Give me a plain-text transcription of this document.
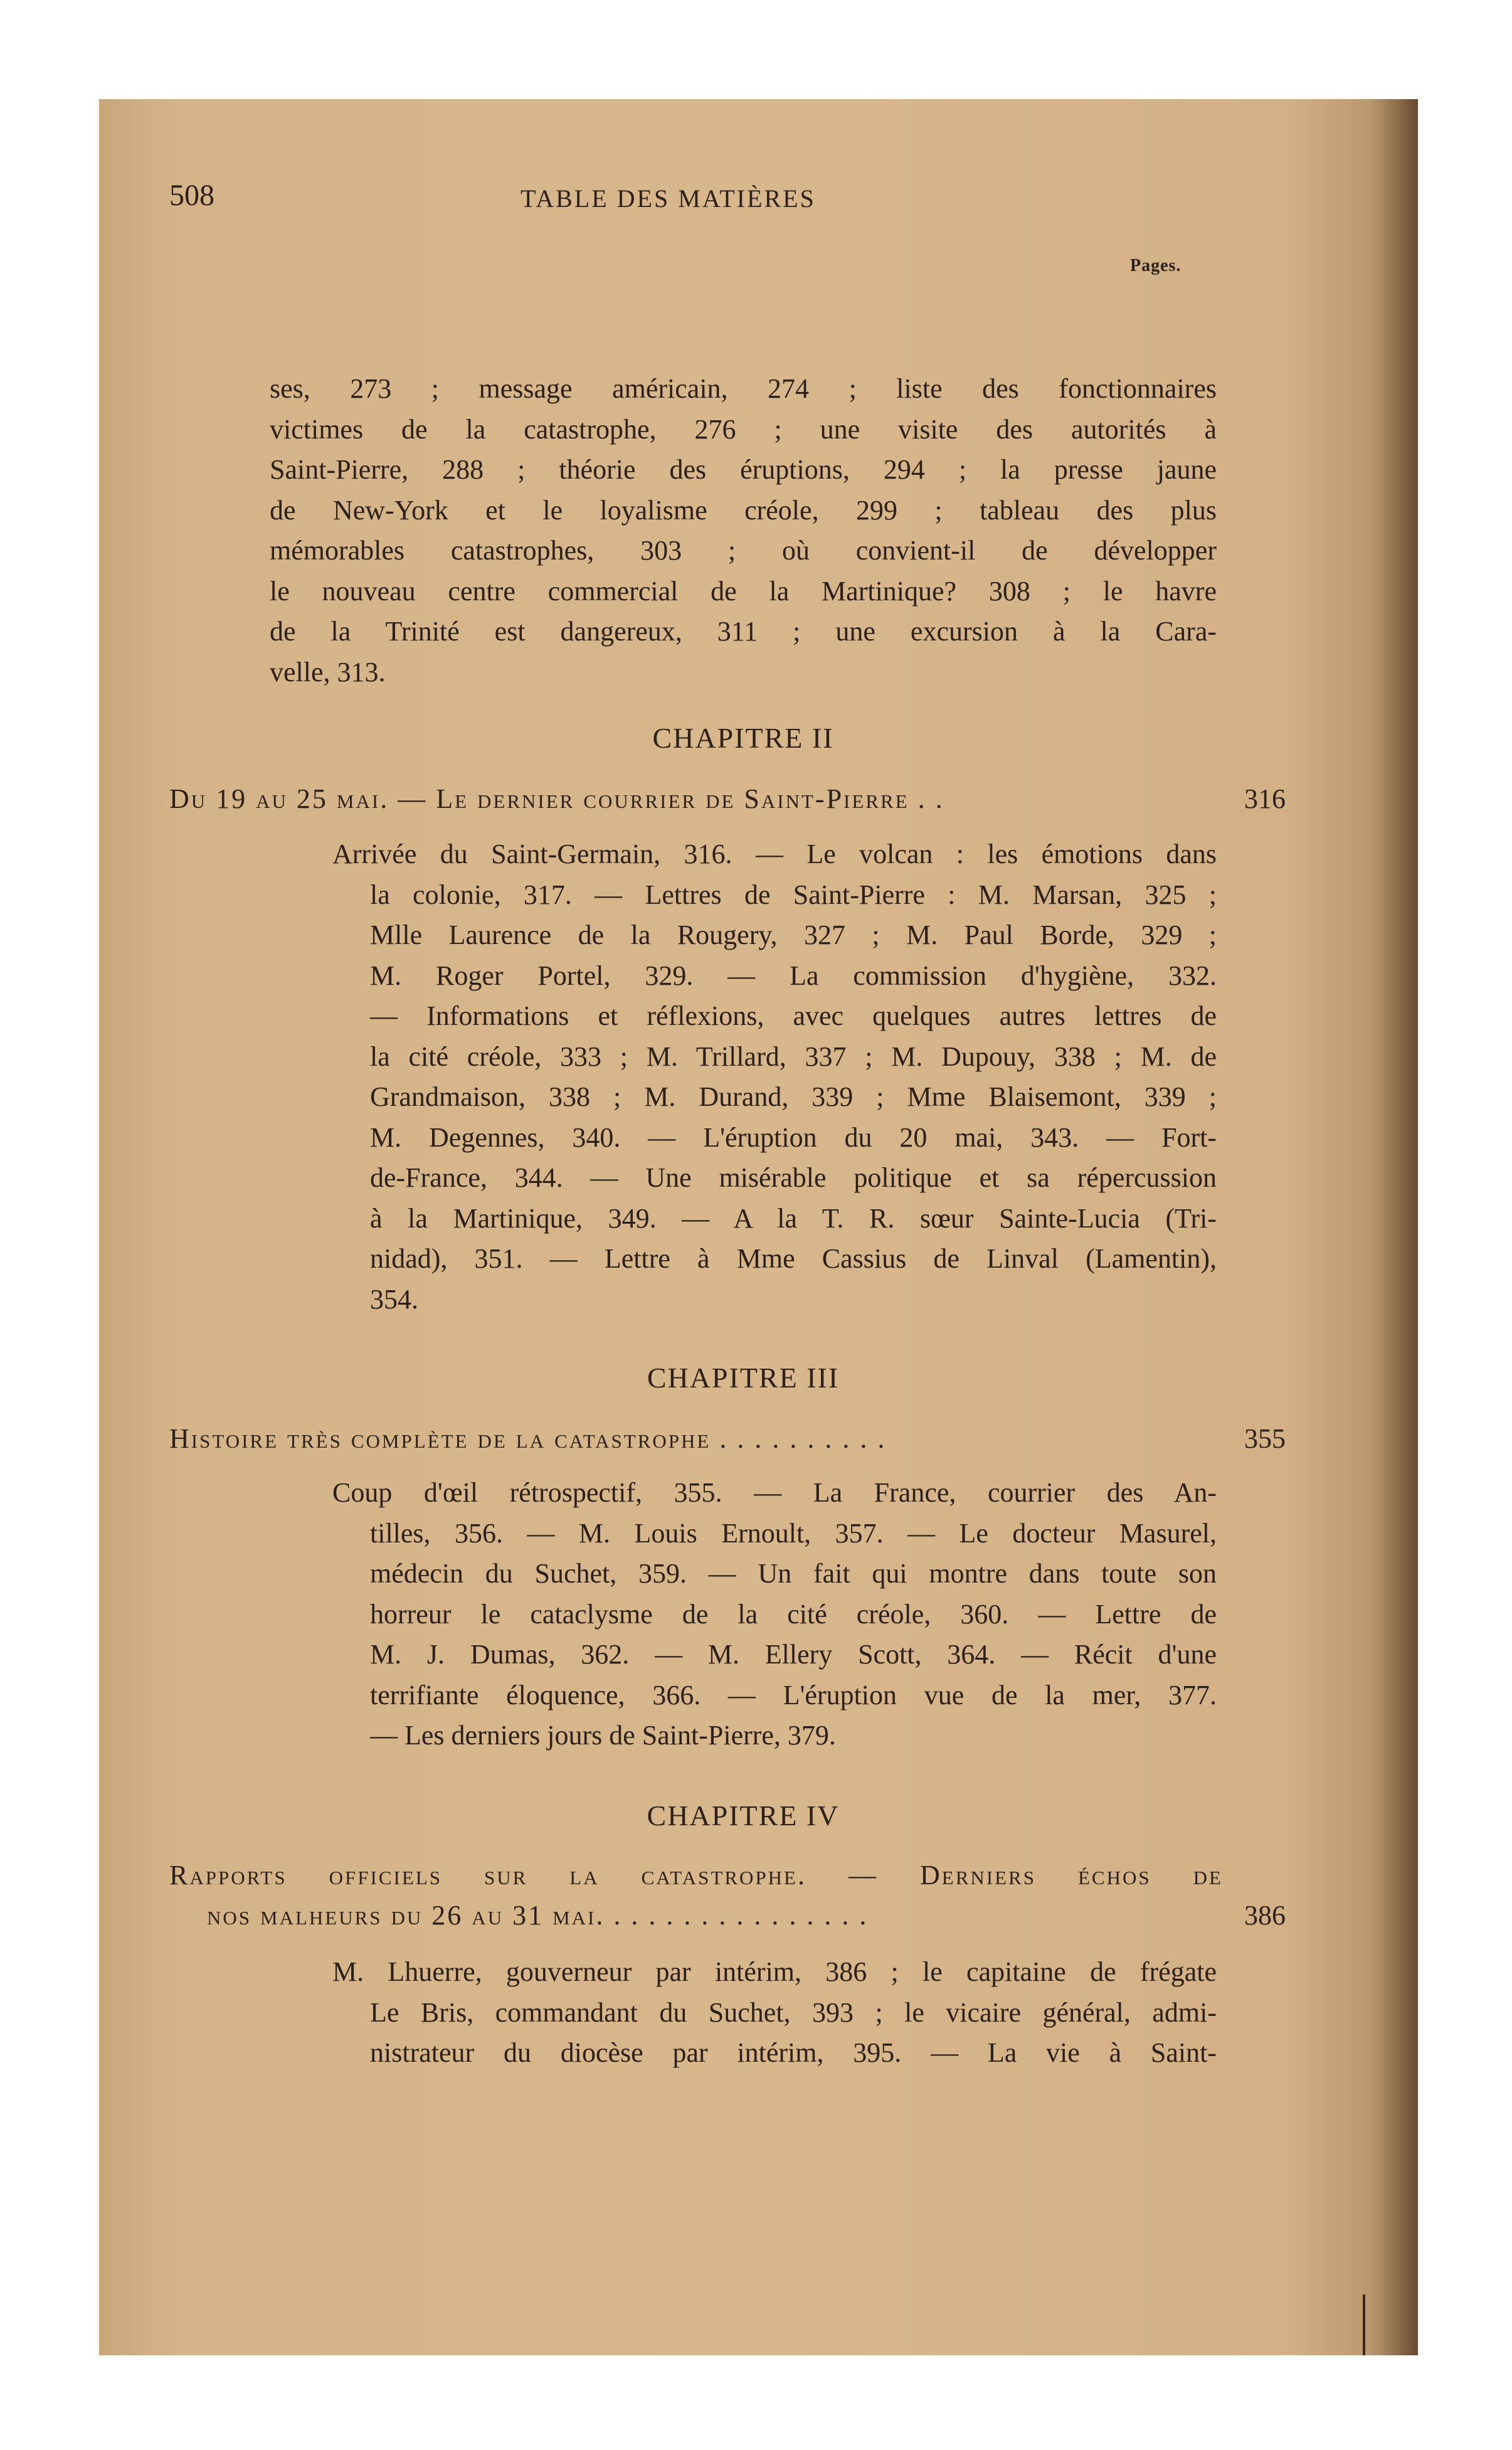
508	TABLE DES MATIÈRES
Pages.
ses, 273 ; message américain, 274 ; liste des fonctionnaires
victimes de la catastrophe, 276 ; une visite des autorités à
Saint-Pierre, 288 ; théorie des éruptions, 294 ; la presse jaune
de New-York et le loyalisme créole, 299 ; tableau des plus
mémorables catastrophes, 303 ; où convient-il de développer
le nouveau centre commercial de la Martinique? 308 ; le havre
de la Trinité est dangereux, 311 ; une excursion à la Cara-
velle, 313.
CHAPITRE II
Du 19 au 25 mai. — Le dernier courrier de Saint-Pierre . .	316
Arrivée du Saint-Germain, 316. — Le volcan : les émotions dans
la colonie, 317. — Lettres de Saint-Pierre : M. Marsan, 325 ;
Mlle Laurence de la Rougery, 327 ; M. Paul Borde, 329 ;
M. Roger Portel, 329. — La commission d'hygiène, 332.
— Informations et réflexions, avec quelques autres lettres de
la cité créole, 333 ; M. Trillard, 337 ; M. Dupouy, 338 ; M. de
Grandmaison, 338 ; M. Durand, 339 ; Mme Blaisemont, 339 ;
M. Degennes, 340. — L'éruption du 20 mai, 343. — Fort-
de-France, 344. — Une misérable politique et sa répercussion
à la Martinique, 349. — A la T. R. sœur Sainte-Lucia (Tri-
nidad), 351. — Lettre à Mme Cassius de Linval (Lamentin),
354.
CHAPITRE III
Histoire très complète de la catastrophe . . . . . . . . . .	355
Coup d'œil rétrospectif, 355. — La France, courrier des An-
tilles, 356. — M. Louis Ernoult, 357. — Le docteur Masurel,
médecin du Suchet, 359. — Un fait qui montre dans toute son
horreur le cataclysme de la cité créole, 360. — Lettre de
M. J. Dumas, 362. — M. Ellery Scott, 364. — Récit d'une
terrifiante éloquence, 366. — L'éruption vue de la mer, 377.
— Les derniers jours de Saint-Pierre, 379.
CHAPITRE IV
Rapports officiels sur la catastrophe. — Derniers échos de
nos malheurs du 26 au 31 mai. . . . . . . . . . . . . . . .	386
M. Lhuerre, gouverneur par intérim, 386 ; le capitaine de frégate
Le Bris, commandant du Suchet, 393 ; le vicaire général, admi-
nistrateur du diocèse par intérim, 395. — La vie à Saint-
